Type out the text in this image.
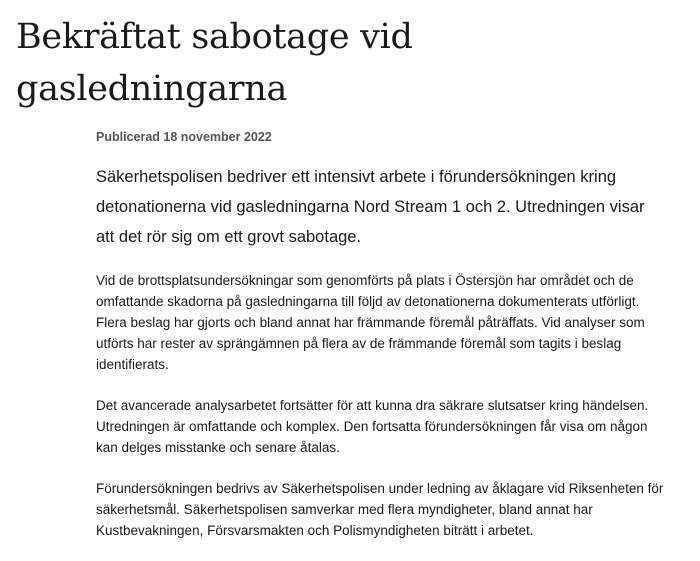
Bekräftat sabotage vid gasledningarna

Publicerad 18 november 2022

Säkerhetspolisen bedriver ett intensivt arbete i förundersökningen kring detonationerna vid gasledningarna Nord Stream 1 och 2. Utredningen visar att det rör sig om ett grovt sabotage.

Vid de brottsplatsundersökningar som genomförts på plats i Östersjön har området och de omfattande skadorna på gasledningarna till följd av detonationerna dokumenterats utförligt. Flera beslag har gjorts och bland annat har främmande föremål påträffats. Vid analyser som utförts har rester av sprängämnen på flera av de främmande föremål som tagits i beslag identifierats.

Det avancerade analysarbetet fortsätter för att kunna dra säkrare slutsatser kring händelsen. Utredningen är omfattande och komplex. Den fortsatta förundersökningen får visa om någon kan delges misstanke och senare åtalas.

Förundersökningen bedrivs av Säkerhetspolisen under ledning av åklagare vid Riksenheten för säkerhetsmål. Säkerhetspolisen samverkar med flera myndigheter, bland annat har Kustbevakningen, Försvarsmakten och Polismyndigheten biträtt i arbetet.
